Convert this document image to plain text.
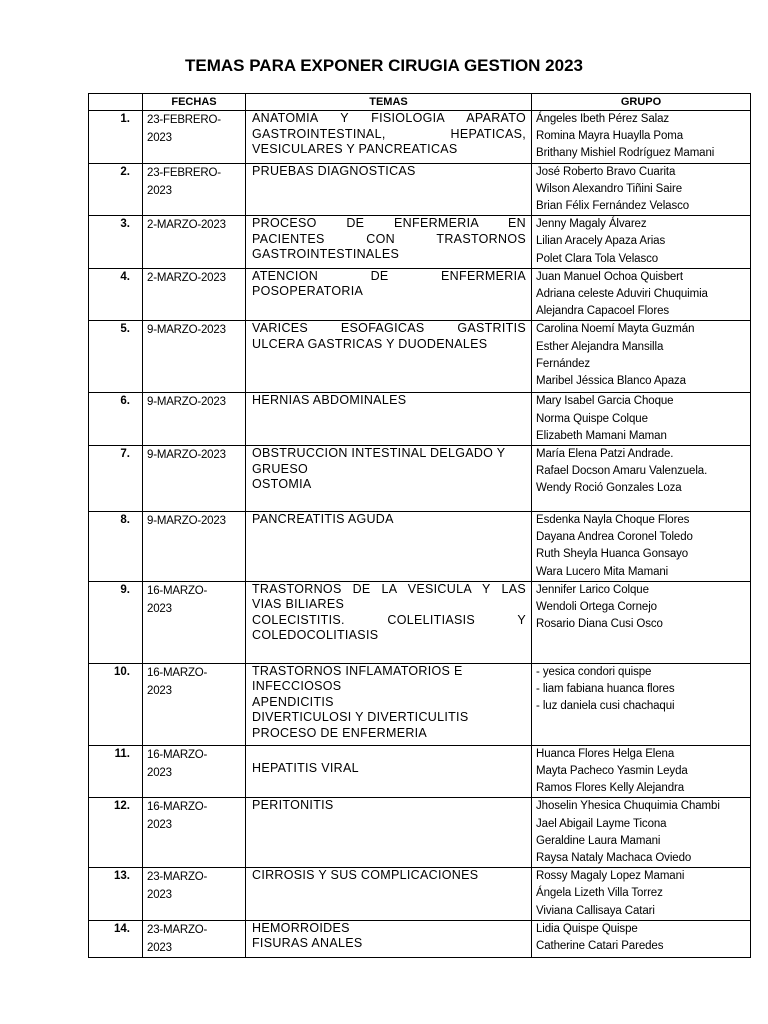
TEMAS PARA EXPONER CIRUGIA GESTION 2023
	FECHAS	TEMAS	GRUPO
1.	23-FEBRERO-
2023	ANATOMIA Y FISIOLOGIA APARATO
GASTROINTESTINAL, HEPATICAS,
VESICULARES Y PANCREATICAS	Ángeles Ibeth Pérez Salaz
Romina Mayra Huaylla Poma
Brithany Mishiel Rodríguez Mamani

2.	23-FEBRERO-
2023	PRUEBAS DIAGNOSTICAS	José Roberto Bravo Cuarita
Wilson Alexandro Tiñini Saire
Brian Félix Fernández Velasco

3.	2-MARZO-2023	PROCESO DE ENFERMERIA EN
PACIENTES CON TRASTORNOS
GASTROINTESTINALES	Jenny Magaly Álvarez
Lilian Aracely Apaza Arias
Polet Clara Tola Velasco

4.	2-MARZO-2023	ATENCION DE ENFERMERIA
POSOPERATORIA	Juan Manuel Ochoa Quisbert
Adriana celeste Aduviri Chuquimia
Alejandra Capacoel Flores

5.	9-MARZO-2023	VARICES ESOFAGICAS GASTRITIS
ULCERA GASTRICAS Y DUODENALES	Carolina Noemí Mayta Guzmán
Esther Alejandra Mansilla
Fernández
Maribel Jéssica Blanco Apaza

6.	9-MARZO-2023	HERNIAS ABDOMINALES	Mary Isabel Garcia Choque
Norma Quispe Colque
Elizabeth Mamani Maman

7.	9-MARZO-2023	OBSTRUCCION INTESTINAL DELGADO Y
GRUESO
OSTOMIA	María Elena Patzi Andrade.
Rafael Docson Amaru Valenzuela.
Wendy Roció Gonzales Loza

8.	9-MARZO-2023	PANCREATITIS AGUDA	Esdenka Nayla Choque Flores
Dayana Andrea Coronel Toledo
Ruth Sheyla Huanca Gonsayo
Wara Lucero Mita Mamani

9.	16-MARZO-
2023	TRASTORNOS DE LA VESICULA Y LAS
VIAS BILIARES
COLECISTITIS. COLELITIASIS Y
COLEDOCOLITIASIS	Jennifer Larico Colque
Wendoli Ortega Cornejo
Rosario Diana Cusi Osco

10.	16-MARZO-
2023	TRASTORNOS INFLAMATORIOS E
INFECCIOSOS
APENDICITIS
DIVERTICULOSI Y DIVERTICULITIS
PROCESO DE ENFERMERIA	- yesica condori quispe
- liam fabiana huanca flores
- luz daniela cusi chachaqui

11.	16-MARZO-
2023	HEPATITIS VIRAL	Huanca Flores Helga Elena
Mayta Pacheco Yasmin Leyda
Ramos Flores Kelly Alejandra

12.	16-MARZO-
2023	PERITONITIS	Jhoselin Yhesica Chuquimia Chambi
Jael Abigail Layme Ticona
Geraldine Laura Mamani
Raysa Nataly Machaca Oviedo

13.	23-MARZO-
2023	CIRROSIS Y SUS COMPLICACIONES	Rossy Magaly Lopez Mamani
Ángela Lizeth Villa Torrez
Viviana Callisaya Catari

14.	23-MARZO-
2023	HEMORROIDES
FISURAS ANALES	Lidia Quispe Quispe
Catherine Catari Paredes
